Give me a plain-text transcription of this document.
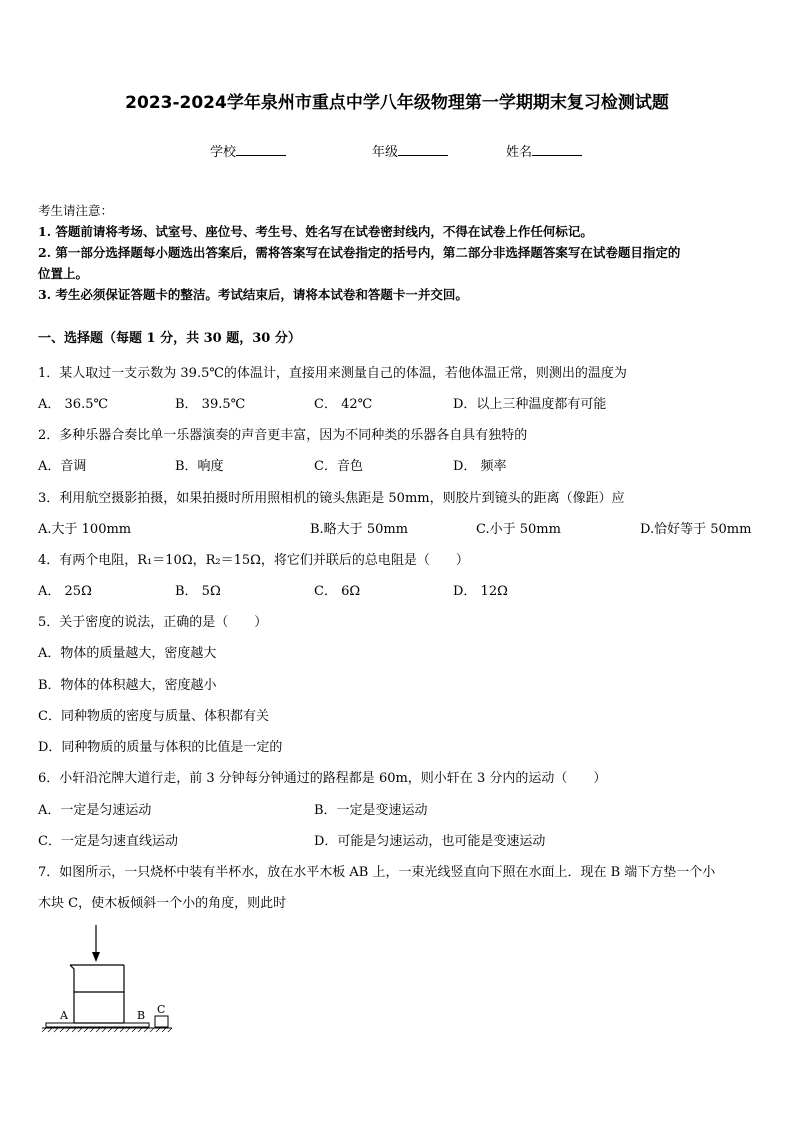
2023-2024学年泉州市重点中学八年级物理第一学期期末复习检测试题
学校	年级	姓名
考生请注意：
1. 答题前请将考场、试室号、座位号、考生号、姓名写在试卷密封线内，不得在试卷上作任何标记。
2. 第一部分选择题每小题选出答案后，需将答案写在试卷指定的括号内，第二部分非选择题答案写在试卷题目指定的
位置上。
3. 考生必须保证答题卡的整洁。考试结束后，请将本试卷和答题卡一并交回。
一、选择题（每题 1 分，共 30 题，30 分）
1．某人取过一支示数为 39.5℃的体温计，直接用来测量自己的体温，若他体温正常，则测出的温度为
A． 36.5℃	B． 39.5℃	C． 42℃	D．以上三种温度都有可能
2．多种乐器合奏比单一乐器演奏的声音更丰富，因为不同种类的乐器各自具有独特的
A．音调	B．响度	C．音色	D． 频率
3．利用航空摄影拍摄，如果拍摄时所用照相机的镜头焦距是 50mm，则胶片到镜头的距离（像距）应
A.大于 100mm	B.略大于 50mm	C.小于 50mm	D.恰好等于 50mm
4．有两个电阻，R₁＝10Ω，R₂＝15Ω，将它们并联后的总电阻是（　　）
A． 25Ω	B． 5Ω	C． 6Ω	D． 12Ω
5．关于密度的说法，正确的是（　　）
A．物体的质量越大，密度越大
B．物体的体积越大，密度越小
C．同种物质的密度与质量、体积都有关
D．同种物质的质量与体积的比值是一定的
6．小轩沿沱牌大道行走，前 3 分钟每分钟通过的路程都是 60m，则小轩在 3 分内的运动（　　）
A．一定是匀速运动	B．一定是变速运动
C．一定是匀速直线运动	D．可能是匀速运动，也可能是变速运动
7．如图所示，一只烧杯中装有半杯水，放在水平木板 AB 上，一束光线竖直向下照在水面上．现在 B 端下方垫一个小
木块 C，使木板倾斜一个小的角度，则此时
A	B C
